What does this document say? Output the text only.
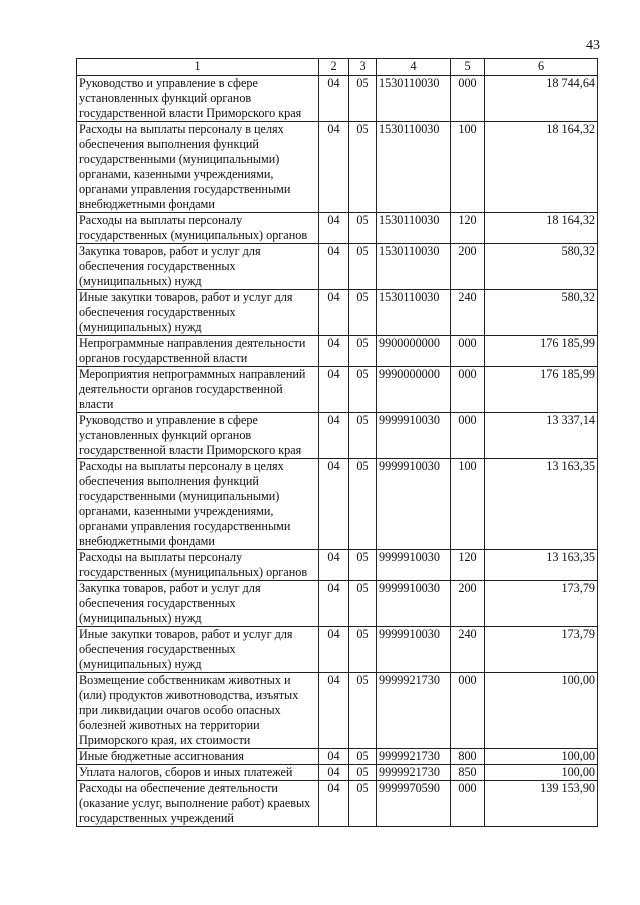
43
1	2	3	4	5	6
Руководство и управление в сфере установленных функций органов государственной власти Приморского края	04	05	1530110030	000	18 744,64
Расходы на выплаты персоналу в целях обеспечения выполнения функций государственными (муниципальными) органами, казенными учреждениями, органами управления государственными внебюджетными фондами	04	05	1530110030	100	18 164,32
Расходы на выплаты персоналу государственных (муниципальных) органов	04	05	1530110030	120	18 164,32
Закупка товаров, работ и услуг для обеспечения государственных (муниципальных) нужд	04	05	1530110030	200	580,32
Иные закупки товаров, работ и услуг для обеспечения государственных (муниципальных) нужд	04	05	1530110030	240	580,32
Непрограммные направления деятельности органов государственной власти	04	05	9900000000	000	176 185,99
Мероприятия непрограммных направлений деятельности органов государственной власти	04	05	9990000000	000	176 185,99
Руководство и управление в сфере установленных функций органов государственной власти Приморского края	04	05	9999910030	000	13 337,14
Расходы на выплаты персоналу в целях обеспечения выполнения функций государственными (муниципальными) органами, казенными учреждениями, органами управления государственными внебюджетными фондами	04	05	9999910030	100	13 163,35
Расходы на выплаты персоналу государственных (муниципальных) органов	04	05	9999910030	120	13 163,35
Закупка товаров, работ и услуг для обеспечения государственных (муниципальных) нужд	04	05	9999910030	200	173,79
Иные закупки товаров, работ и услуг для обеспечения государственных (муниципальных) нужд	04	05	9999910030	240	173,79
Возмещение собственникам животных и (или) продуктов животноводства, изъятых при ликвидации очагов особо опасных болезней животных на территории Приморского края, их стоимости	04	05	9999921730	000	100,00
Иные бюджетные ассигнования	04	05	9999921730	800	100,00
Уплата налогов, сборов и иных платежей	04	05	9999921730	850	100,00
Расходы на обеспечение деятельности (оказание услуг, выполнение работ) краевых государственных учреждений	04	05	9999970590	000	139 153,90
